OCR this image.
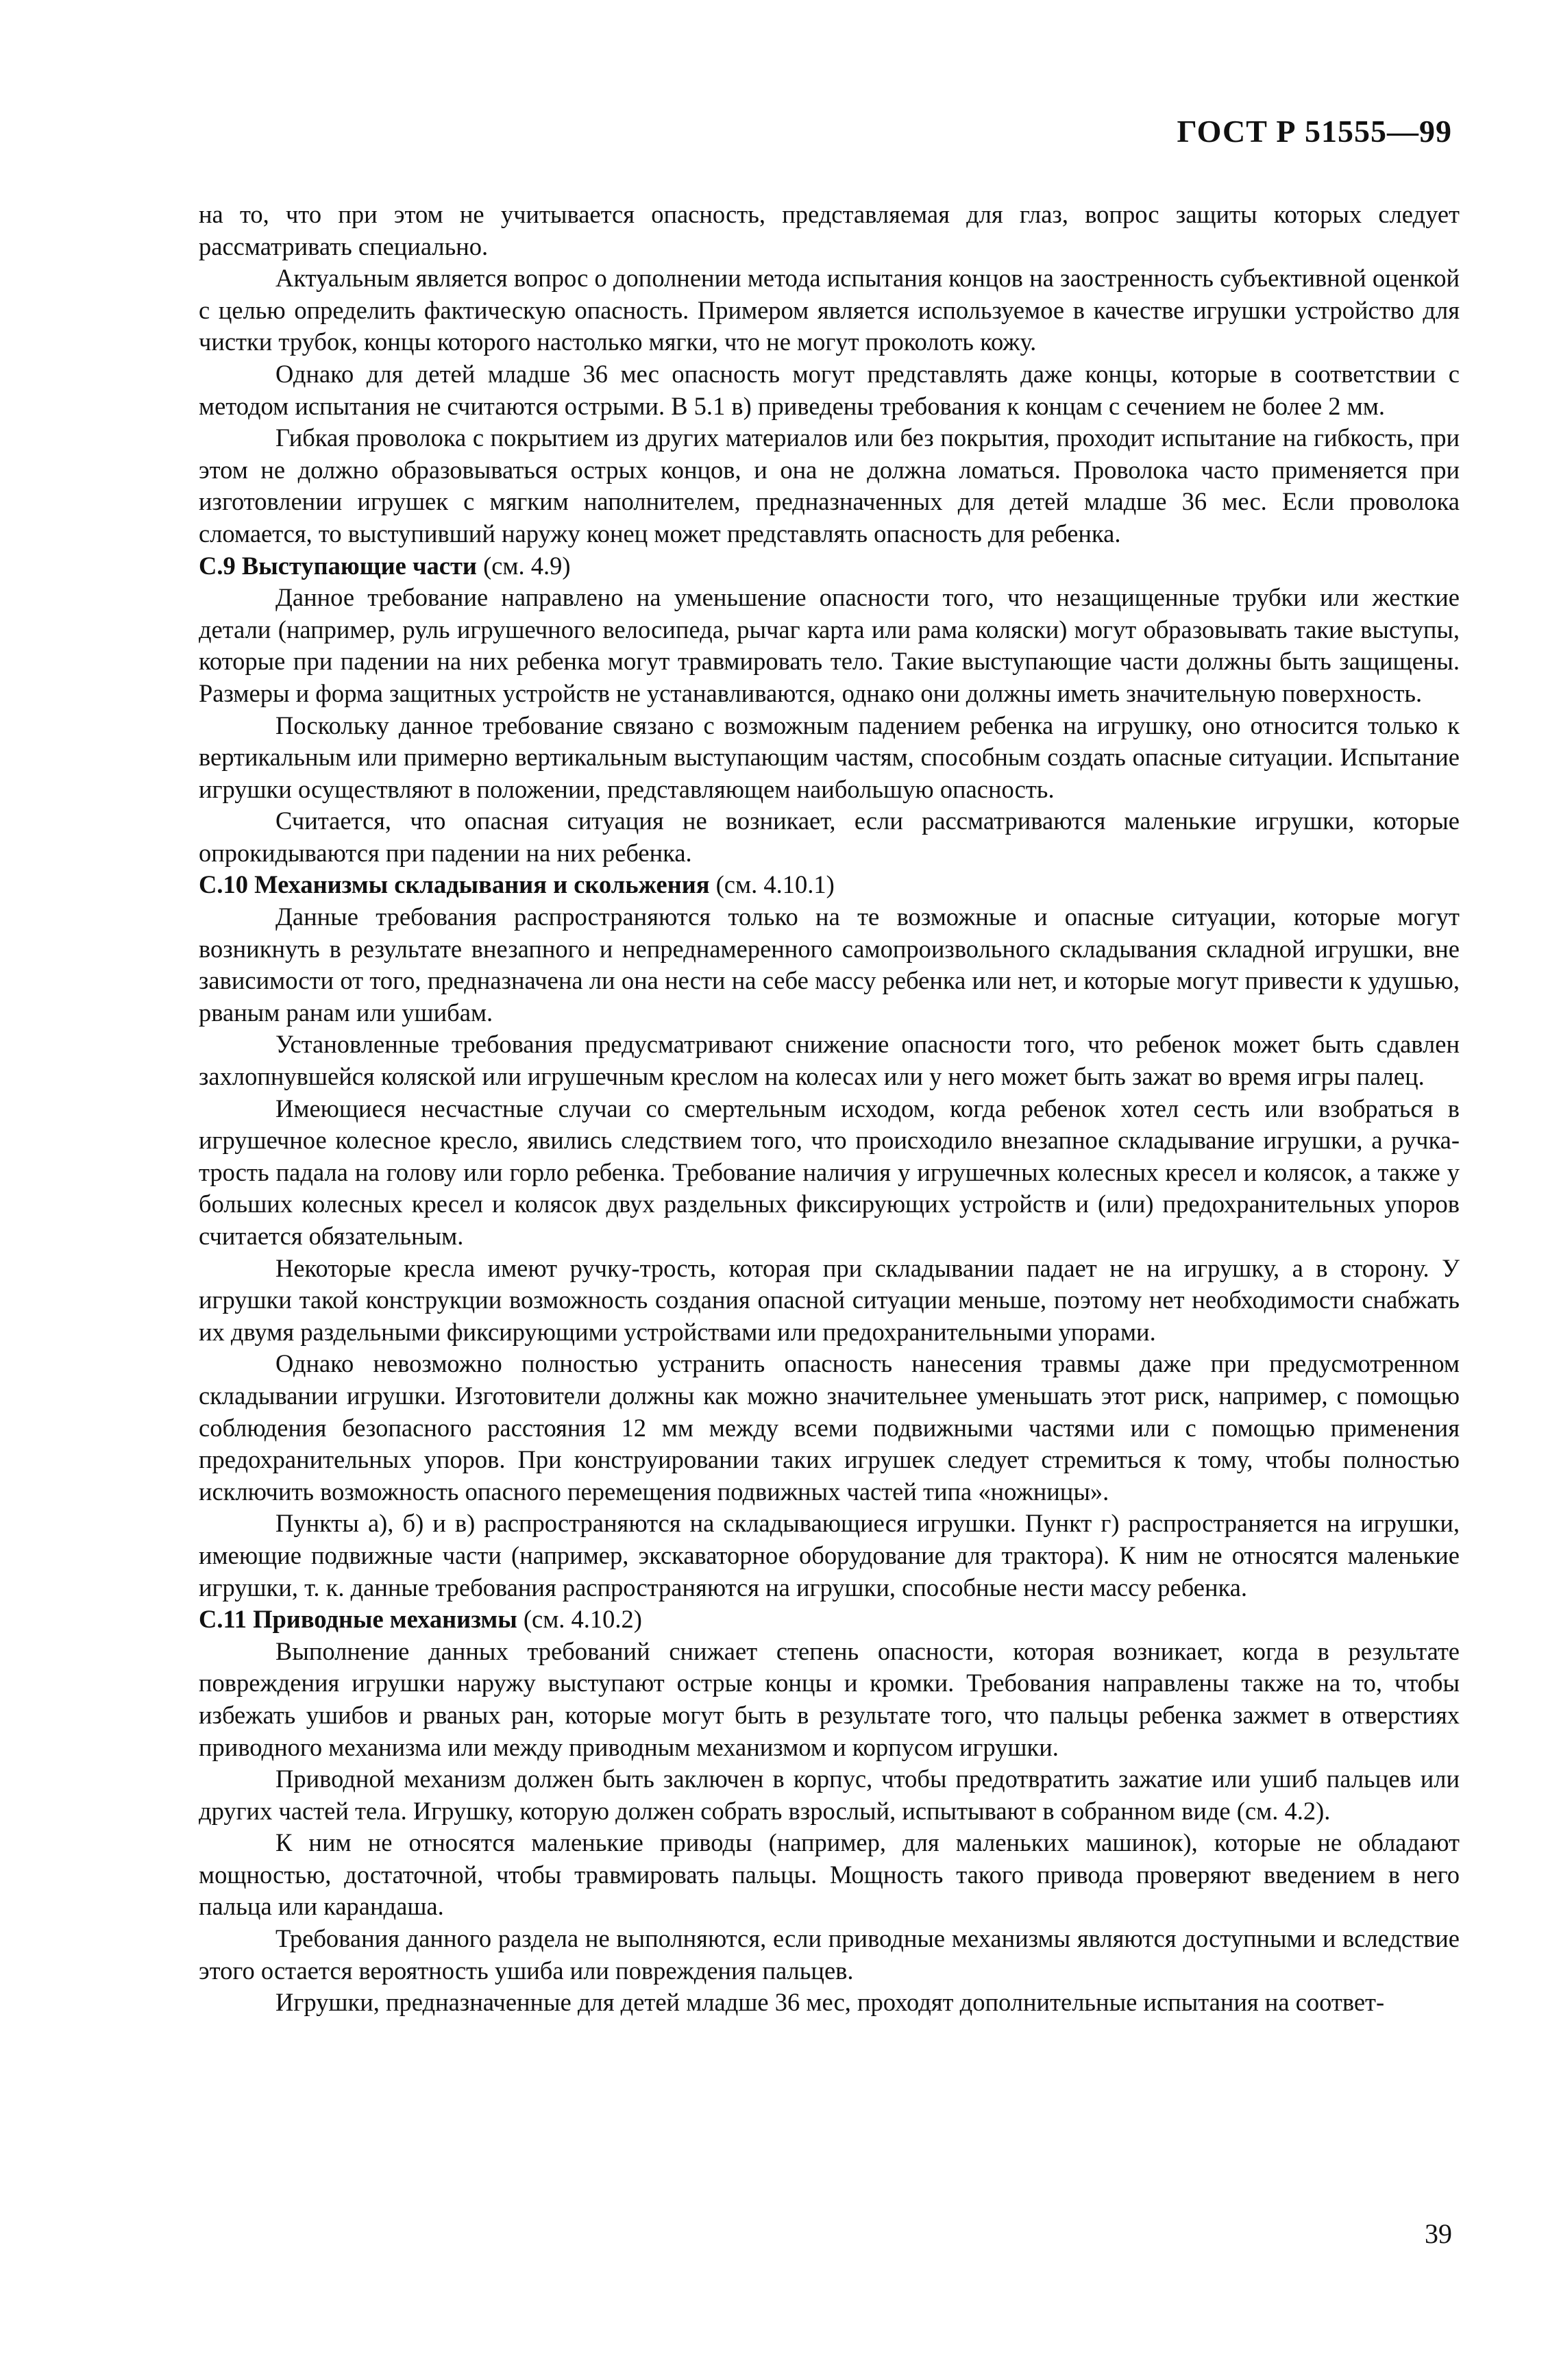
ГОСТ Р 51555—99

на то, что при этом не учитывается опасность, представляемая для глаз, вопрос защиты которых следует рассматривать специально.

Актуальным является вопрос о дополнении метода испытания концов на заостренность субъективной оценкой с целью определить фактическую опасность. Примером является используемое в качестве игрушки устройство для чистки трубок, концы которого настолько мягки, что не могут проколоть кожу.

Однако для детей младше 36 мес опасность могут представлять даже концы, которые в соответствии с методом испытания не считаются острыми. В 5.1 в) приведены требования к концам с сечением не более 2 мм.

Гибкая проволока с покрытием из других материалов или без покрытия, проходит испытание на гибкость, при этом не должно образовываться острых концов, и она не должна ломаться. Проволока часто применяется при изготовлении игрушек с мягким наполнителем, предназначенных для детей младше 36 мес. Если проволока сломается, то выступивший наружу конец может представлять опасность для ребенка.

С.9 Выступающие части (см. 4.9)

Данное требование направлено на уменьшение опасности того, что незащищенные трубки или жесткие детали (например, руль игрушечного велосипеда, рычаг карта или рама коляски) могут образовывать такие выступы, которые при падении на них ребенка могут травмировать тело. Такие выступающие части должны быть защищены. Размеры и форма защитных устройств не устанавливаются, однако они должны иметь значительную поверхность.

Поскольку данное требование связано с возможным падением ребенка на игрушку, оно относится только к вертикальным или примерно вертикальным выступающим частям, способным создать опасные ситуации. Испытание игрушки осуществляют в положении, представляющем наибольшую опасность.

Считается, что опасная ситуация не возникает, если рассматриваются маленькие игрушки, которые опрокидываются при падении на них ребенка.

С.10 Механизмы складывания и скольжения (см. 4.10.1)

Данные требования распространяются только на те возможные и опасные ситуации, которые могут возникнуть в результате внезапного и непреднамеренного самопроизвольного складывания складной игрушки, вне зависимости от того, предназначена ли она нести на себе массу ребенка или нет, и которые могут привести к удушью, рваным ранам или ушибам.

Установленные требования предусматривают снижение опасности того, что ребенок может быть сдавлен захлопнувшейся коляской или игрушечным креслом на колесах или у него может быть зажат во время игры палец.

Имеющиеся несчастные случаи со смертельным исходом, когда ребенок хотел сесть или взобраться в игрушечное колесное кресло, явились следствием того, что происходило внезапное складывание игрушки, а ручка-трость падала на голову или горло ребенка. Требование наличия у игрушечных колесных кресел и колясок, а также у больших колесных кресел и колясок двух раздельных фиксирующих устройств и (или) предохранительных упоров считается обязательным.

Некоторые кресла имеют ручку-трость, которая при складывании падает не на игрушку, а в сторону. У игрушки такой конструкции возможность создания опасной ситуации меньше, поэтому нет необходимости снабжать их двумя раздельными фиксирующими устройствами или предохранительными упорами.

Однако невозможно полностью устранить опасность нанесения травмы даже при предусмотренном складывании игрушки. Изготовители должны как можно значительнее уменьшать этот риск, например, с помощью соблюдения безопасного расстояния 12 мм между всеми подвижными частями или с помощью применения предохранительных упоров. При конструировании таких игрушек следует стремиться к тому, чтобы полностью исключить возможность опасного перемещения подвижных частей типа «ножницы».

Пункты а), б) и в) распространяются на складывающиеся игрушки. Пункт г) распространяется на игрушки, имеющие подвижные части (например, экскаваторное оборудование для трактора). К ним не относятся маленькие игрушки, т. к. данные требования распространяются на игрушки, способные нести массу ребенка.

С.11 Приводные механизмы (см. 4.10.2)

Выполнение данных требований снижает степень опасности, которая возникает, когда в результате повреждения игрушки наружу выступают острые концы и кромки. Требования направлены также на то, чтобы избежать ушибов и рваных ран, которые могут быть в результате того, что пальцы ребенка зажмет в отверстиях приводного механизма или между приводным механизмом и корпусом игрушки.

Приводной механизм должен быть заключен в корпус, чтобы предотвратить зажатие или ушиб пальцев или других частей тела. Игрушку, которую должен собрать взрослый, испытывают в собранном виде (см. 4.2).

К ним не относятся маленькие приводы (например, для маленьких машинок), которые не обладают мощностью, достаточной, чтобы травмировать пальцы. Мощность такого привода проверяют введением в него пальца или карандаша.

Требования данного раздела не выполняются, если приводные механизмы являются доступными и вследствие этого остается вероятность ушиба или повреждения пальцев.

Игрушки, предназначенные для детей младше 36 мес, проходят дополнительные испытания на соответ-

39
